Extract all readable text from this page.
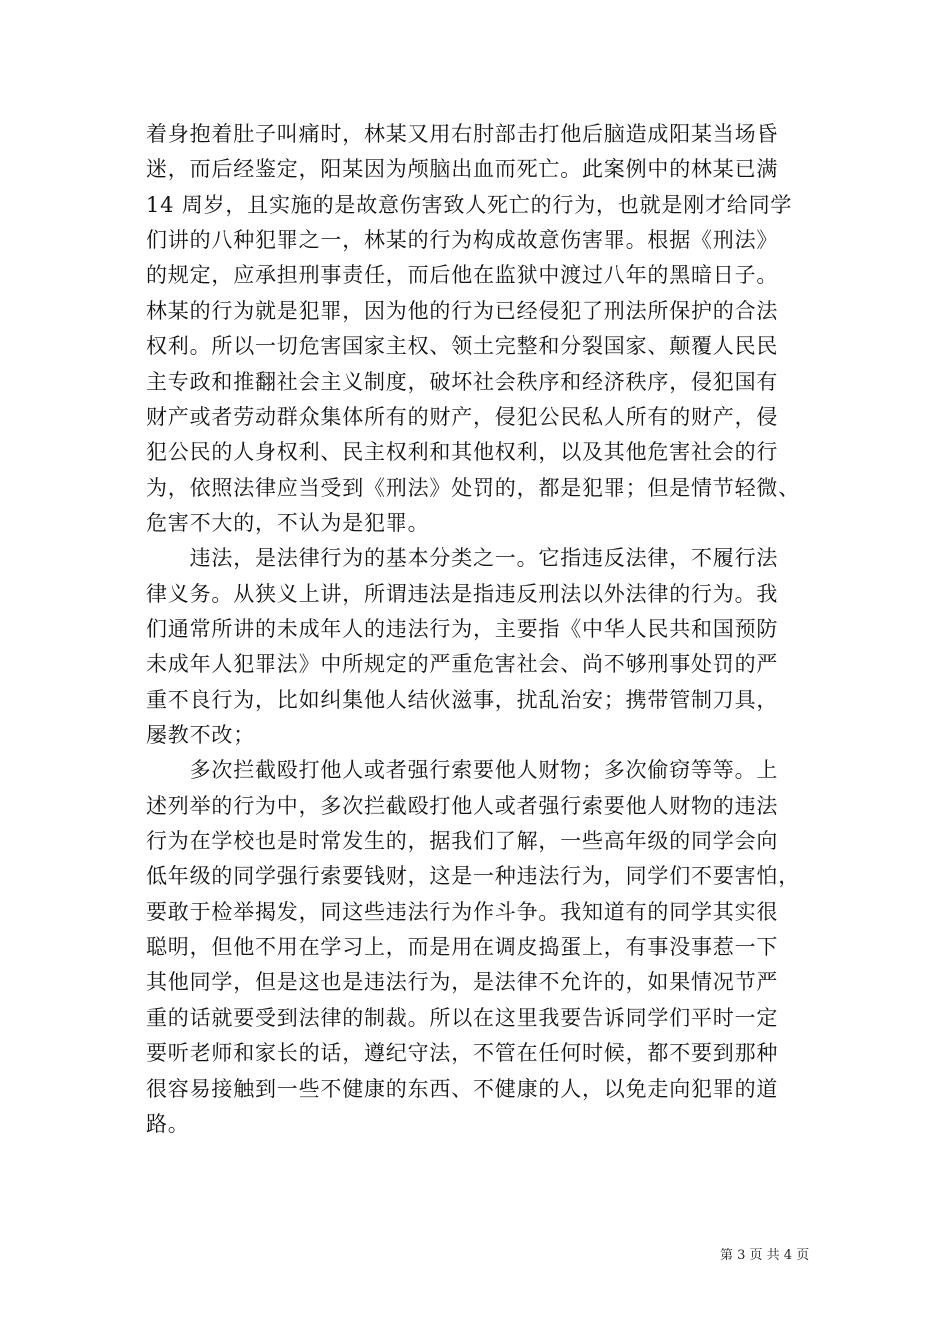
着身抱着肚子叫痛时，林某又用右肘部击打他后脑造成阳某当场昏
迷，而后经鉴定，阳某因为颅脑出血而死亡。此案例中的林某已满
14 周岁，且实施的是故意伤害致人死亡的行为，也就是刚才给同学
们讲的八种犯罪之一，林某的行为构成故意伤害罪。根据《刑法》
的规定，应承担刑事责任，而后他在监狱中渡过八年的黑暗日子。
林某的行为就是犯罪，因为他的行为已经侵犯了刑法所保护的合法
权利。所以一切危害国家主权、领土完整和分裂国家、颠覆人民民
主专政和推翻社会主义制度，破坏社会秩序和经济秩序，侵犯国有
财产或者劳动群众集体所有的财产，侵犯公民私人所有的财产，侵
犯公民的人身权利、民主权利和其他权利，以及其他危害社会的行
为，依照法律应当受到《刑法》处罚的，都是犯罪；但是情节轻微、
危害不大的，不认为是犯罪。
　　违法，是法律行为的基本分类之一。它指违反法律，不履行法
律义务。从狭义上讲，所谓违法是指违反刑法以外法律的行为。我
们通常所讲的未成年人的违法行为，主要指《中华人民共和国预防
未成年人犯罪法》中所规定的严重危害社会、尚不够刑事处罚的严
重不良行为，比如纠集他人结伙滋事，扰乱治安；携带管制刀具，
屡教不改；
　　多次拦截殴打他人或者强行索要他人财物；多次偷窃等等。上
述列举的行为中，多次拦截殴打他人或者强行索要他人财物的违法
行为在学校也是时常发生的，据我们了解，一些高年级的同学会向
低年级的同学强行索要钱财，这是一种违法行为，同学们不要害怕，
要敢于检举揭发，同这些违法行为作斗争。我知道有的同学其实很
聪明，但他不用在学习上，而是用在调皮捣蛋上，有事没事惹一下
其他同学，但是这也是违法行为，是法律不允许的，如果情况节严
重的话就要受到法律的制裁。所以在这里我要告诉同学们平时一定
要听老师和家长的话，遵纪守法，不管在任何时候，都不要到那种
很容易接触到一些不健康的东西、不健康的人，以免走向犯罪的道
路。
第 3 页 共 4 页
